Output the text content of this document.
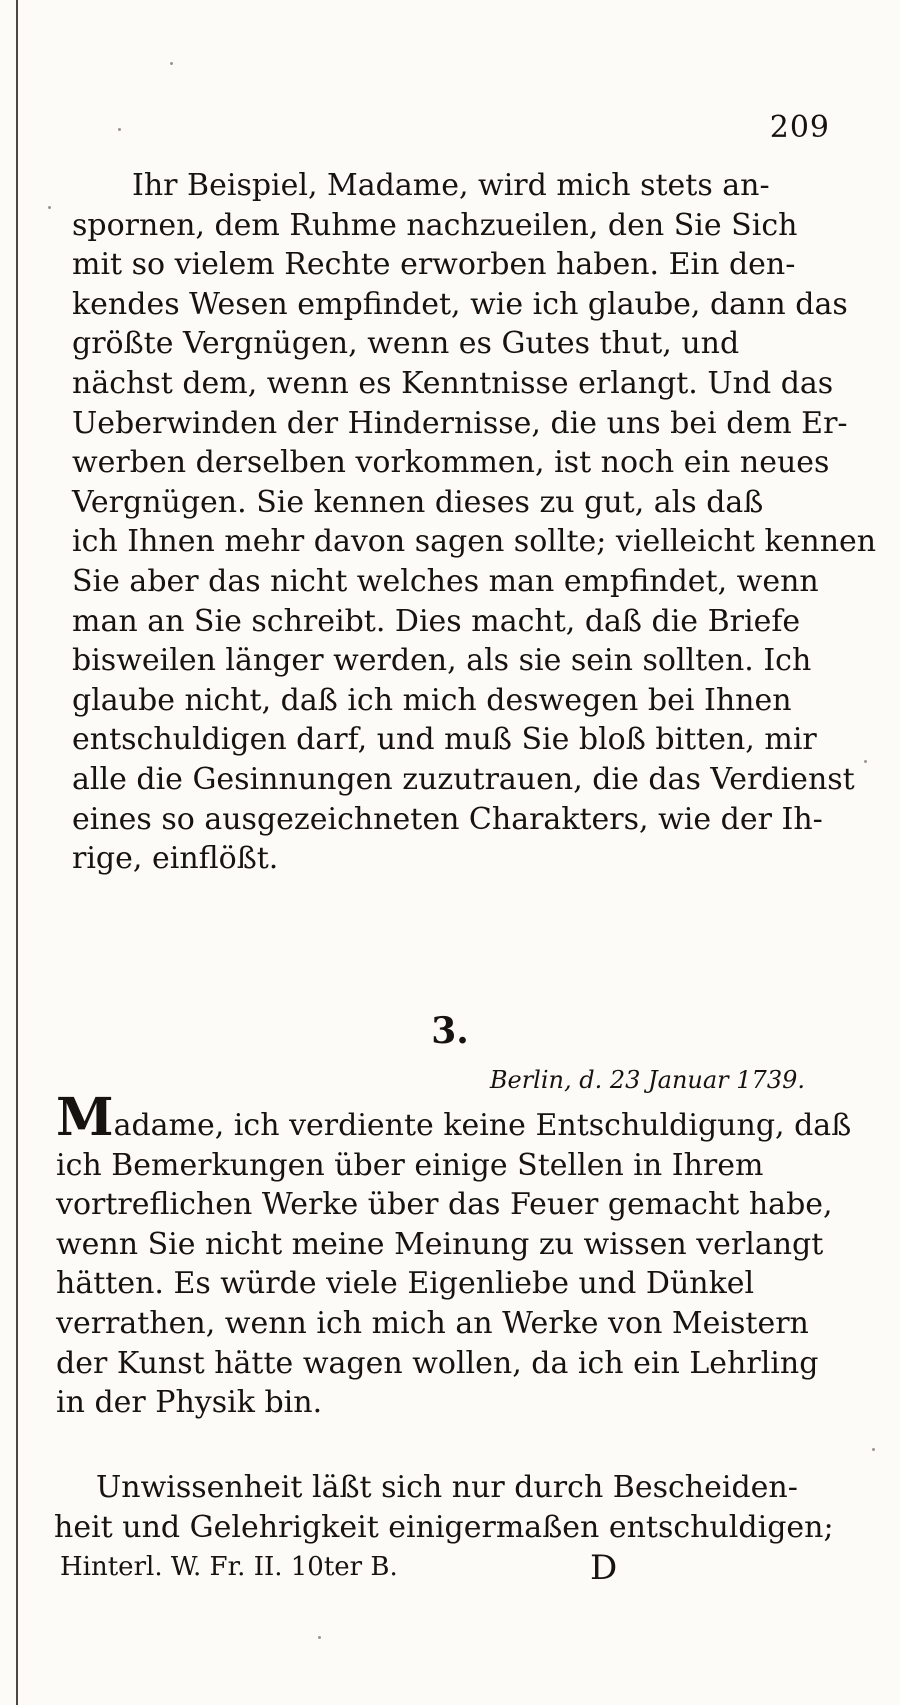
209
Ihr Beispiel, Madame, wird mich stets an-
spornen, dem Ruhme nachzueilen, den Sie Sich
mit so vielem Rechte erworben haben. Ein den-
kendes Wesen empfindet, wie ich glaube, dann das
größte Vergnügen, wenn es Gutes thut, und
nächst dem, wenn es Kenntnisse erlangt. Und das
Ueberwinden der Hindernisse, die uns bei dem Er-
werben derselben vorkommen, ist noch ein neues
Vergnügen. Sie kennen dieses zu gut, als daß
ich Ihnen mehr davon sagen sollte; vielleicht kennen
Sie aber das nicht welches man empfindet, wenn
man an Sie schreibt. Dies macht, daß die Briefe
bisweilen länger werden, als sie sein sollten. Ich
glaube nicht, daß ich mich deswegen bei Ihnen
entschuldigen darf, und muß Sie bloß bitten, mir
alle die Gesinnungen zuzutrauen, die das Verdienst
eines so ausgezeichneten Charakters, wie der Ih-
rige, einflößt.
3.
Berlin, d. 23 Januar 1739.
Madame, ich verdiente keine Entschuldigung, daß
ich Bemerkungen über einige Stellen in Ihrem
vortreflichen Werke über das Feuer gemacht habe,
wenn Sie nicht meine Meinung zu wissen verlangt
hätten. Es würde viele Eigenliebe und Dünkel
verrathen, wenn ich mich an Werke von Meistern
der Kunst hätte wagen wollen, da ich ein Lehrling
in der Physik bin.
Unwissenheit läßt sich nur durch Bescheiden-
heit und Gelehrigkeit einigermaßen entschuldigen;
Hinterl. W. Fr. II. 10ter B.	D
